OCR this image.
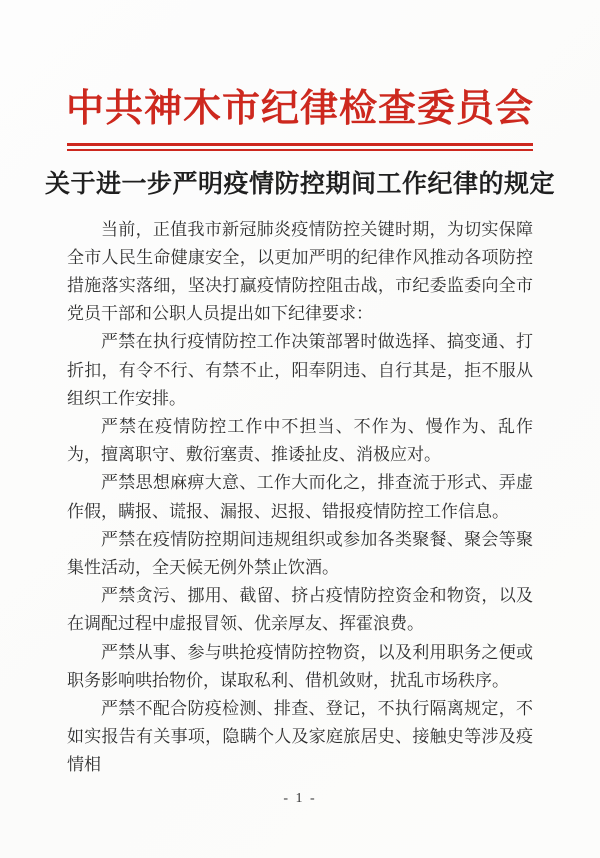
中共神木市纪律检查委员会
关于进一步严明疫情防控期间工作纪律的规定

当前，正值我市新冠肺炎疫情防控关键时期，为切实保障全市人民生命健康安全，以更加严明的纪律作风推动各项防控措施落实落细，坚决打赢疫情防控阻击战，市纪委监委向全市党员干部和公职人员提出如下纪律要求：

严禁在执行疫情防控工作决策部署时做选择、搞变通、打折扣，有令不行、有禁不止，阳奉阴违、自行其是，拒不服从组织工作安排。

严禁在疫情防控工作中不担当、不作为、慢作为、乱作为，擅离职守、敷衍塞责、推诿扯皮、消极应对。

严禁思想麻痹大意、工作大而化之，排查流于形式、弄虚作假，瞒报、谎报、漏报、迟报、错报疫情防控工作信息。

严禁在疫情防控期间违规组织或参加各类聚餐、聚会等聚集性活动，全天候无例外禁止饮酒。

严禁贪污、挪用、截留、挤占疫情防控资金和物资，以及在调配过程中虚报冒领、优亲厚友、挥霍浪费。

严禁从事、参与哄抢疫情防控物资，以及利用职务之便或职务影响哄抬物价，谋取私利、借机敛财，扰乱市场秩序。

严禁不配合防疫检测、排查、登记，不执行隔离规定，不如实报告有关事项，隐瞒个人及家庭旅居史、接触史等涉及疫情相

- 1 -
